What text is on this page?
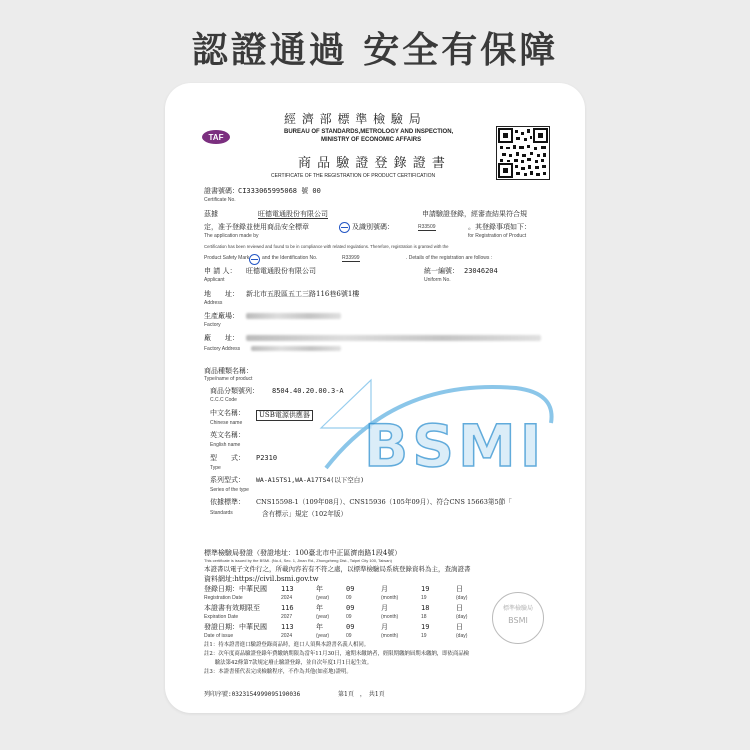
認證通過 安全有保障
TAF
經 濟 部 標 準 檢 驗 局
BUREAU OF STANDARDS,METROLOGY AND INSPECTION,
MINISTRY OF ECONOMIC AFFAIRS
商 品 驗 證 登 錄 證 書
CERTIFICATE OF THE REGISTRATION OF PRODUCT CERTIFICATION
證書號碼： CI333065995068 號 00
Certificate No.
茲據	旺德電通股份有限公司	申請驗證登錄，經審查結果符合規
定，准予登錄並使用商品安全標章	及識別號碼：	R33509	。其登錄事項如下：
The application made by	for Registration of Product
Certification has been reviewed and found to be in compliance with related regulations. Therefore, registration is granted with the
Product Safety Mark	and the Identification No.	R33999	. Details of the registration are follows :
申 請 人： 旺德電通股份有限公司
Applicant
統一編號： 23046204
Uniform No.
地　　址： 新北市五股區五工三路116巷6號1樓
Address
生產廠場：
Factory
廠　　址：
Factory Address
商品種類名稱：
Type/name of product
BSMI
商品分類號列： 8504.40.20.00.3-A
C.C.C Code
中文名稱：	USB電源供應器
Chinese name
英文名稱：
English name
型　　式： P2310
Type
系列型式： WA-A15TS1,WA-A17TS4(以下空白)
Series of the type
依據標準： CNS15598-1（109年08月）、CNS15936（105年09月）、符合CNS 15663第5節「
含有標示」規定（102年版）
Standards
標準檢驗局發證（發證地址：100臺北市中正區濟南路1段4號）
This certificate is issued by the BSMI. (No.4, Sec. 1, Jinan Rd., Zhongzheng Dist., Taipei City 100, Taiwan)
本證書以電子文件行之，所載內容若有不符之處，以標準檢驗局系統登錄資料為主，查詢證書
資料網址:https://civil.bsmi.gov.tw
登錄日期：中華民國 113	年	09	月	19	日
Registration Date	2024	(year)	09	(month)	19	(day)
本證書有效期限至	116	年	09	月	18	日
Expiration Date	2027	(year)	09	(month)	18	(day)
發證日期：中華民國 113	年	09	月	19	日
Date of issue	2024	(year)	09	(month)	19	(day)
註1：持本證書進口驗證登錄商品時，進口人須與本證書名義人相同。
註2：次年度商品驗證登錄年費繳納期限為當年11月30日，逾期未繳納者，經限期繳納屆期未繳納，即依商品檢
　　驗法第42條第7款規定廢止驗證登錄，並自次年度1月1日起生效。
註3：本證書僅代表完成檢驗程序，不作為其他(如產地)證明。
列印序號:0323154999095190036	第1頁　，　共1頁
標準檢驗局
BSMI
